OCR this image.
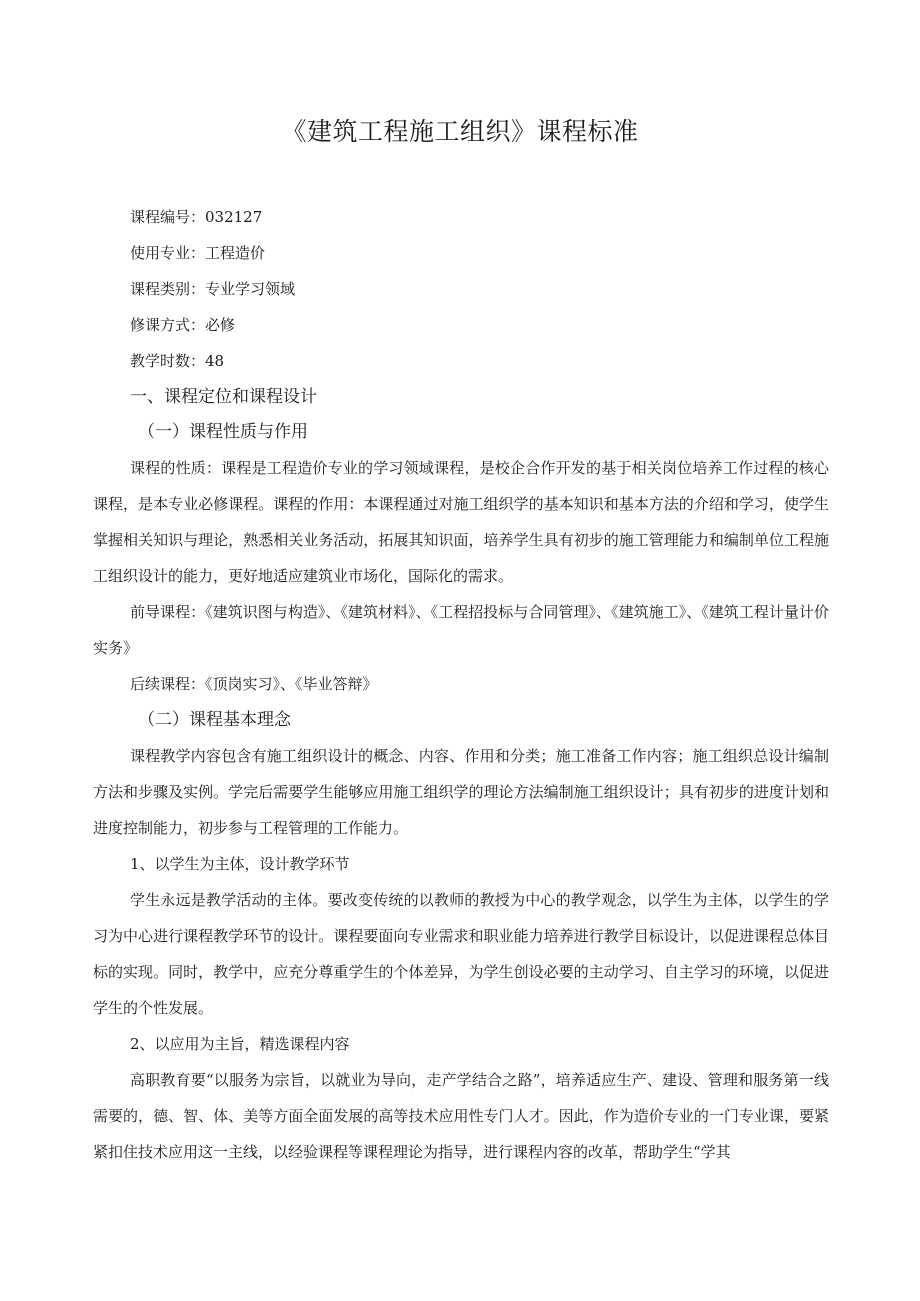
《建筑工程施工组织》课程标准
课程编号：032127
使用专业：工程造价
课程类别：专业学习领域
修课方式：必修
教学时数：48
一、课程定位和课程设计
（一）课程性质与作用

课程的性质：课程是工程造价专业的学习领域课程，是校企合作开发的基于相关岗位培养工作过程的核心课程，是本专业必修课程。课程的作用：本课程通过对施工组织学的基本知识和基本方法的介绍和学习，使学生掌握相关知识与理论，熟悉相关业务活动，拓展其知识面，培养学生具有初步的施工管理能力和编制单位工程施工组织设计的能力，更好地适应建筑业市场化，国际化的需求。

前导课程：《建筑识图与构造》、《建筑材料》、《工程招投标与合同管理》、《建筑施工》、《建筑工程计量计价实务》

后续课程：《顶岗实习》、《毕业答辩》

（二）课程基本理念

课程教学内容包含有施工组织设计的概念、内容、作用和分类；施工准备工作内容；施工组织总设计编制方法和步骤及实例。学完后需要学生能够应用施工组织学的理论方法编制施工组织设计；具有初步的进度计划和进度控制能力，初步参与工程管理的工作能力。

1、以学生为主体，设计教学环节

学生永远是教学活动的主体。要改变传统的以教师的教授为中心的教学观念，以学生为主体，以学生的学习为中心进行课程教学环节的设计。课程要面向专业需求和职业能力培养进行教学目标设计，以促进课程总体目标的实现。同时，教学中，应充分尊重学生的个体差异，为学生创设必要的主动学习、自主学习的环境，以促进学生的个性发展。

2、以应用为主旨，精选课程内容

高职教育要“以服务为宗旨，以就业为导向，走产学结合之路”，培养适应生产、建设、管理和服务第一线需要的，德、智、体、美等方面全面发展的高等技术应用性专门人才。因此，作为造价专业的一门专业课，要紧紧扣住技术应用这一主线，以经验课程等课程理论为指导，进行课程内容的改革，帮助学生“学其
